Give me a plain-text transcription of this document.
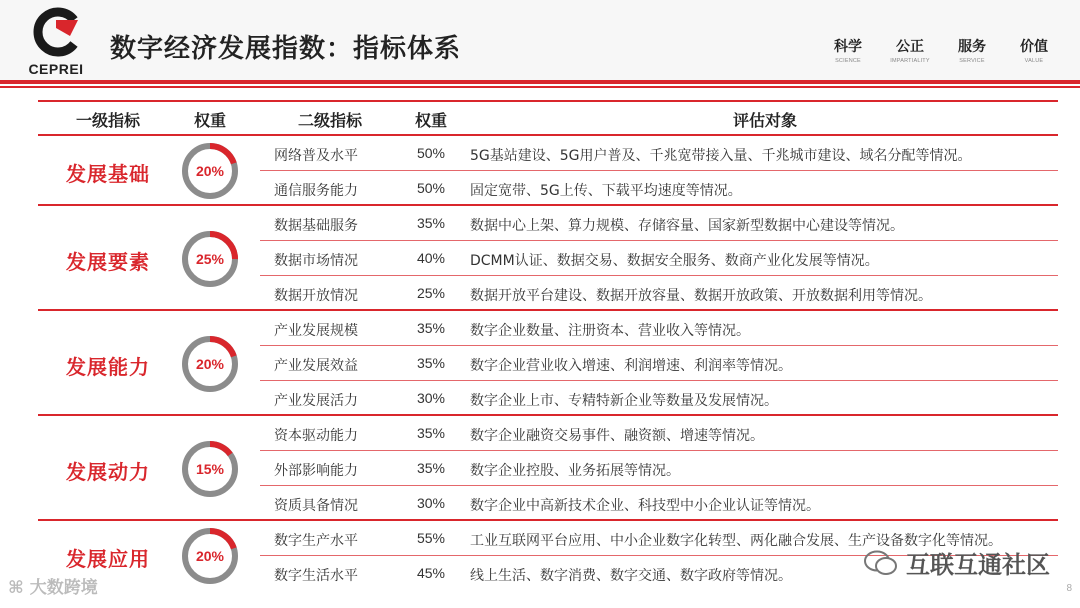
CEPREI
数字经济发展指数：指标体系	科学
SCIENCE
公正
IMPARTIALITY
服务
SERVICE
价值
VALUE
一级指标	权重	二级指标	权重	评估对象
发展基础	20%
网络普及水平	50%	5G基站建设、5G用户普及、千兆宽带接入量、千兆城市建设、域名分配等情况。
通信服务能力	50%	固定宽带、5G上传、下载平均速度等情况。
发展要素	25%
数据基础服务	35%	数据中心上架、算力规模、存储容量、国家新型数据中心建设等情况。
数据市场情况	40%	DCMM认证、数据交易、数据安全服务、数商产业化发展等情况。
数据开放情况	25%	数据开放平台建设、数据开放容量、数据开放政策、开放数据利用等情况。
发展能力	20%
产业发展规模	35%	数字企业数量、注册资本、营业收入等情况。
产业发展效益	35%	数字企业营业收入增速、利润增速、利润率等情况。
产业发展活力	30%	数字企业上市、专精特新企业等数量及发展情况。
发展动力	15%
资本驱动能力	35%	数字企业融资交易事件、融资额、增速等情况。
外部影响能力	35%	数字企业控股、业务拓展等情况。
资质具备情况	30%	数字企业中高新技术企业、科技型中小企业认证等情况。
发展应用	20%
数字生产水平	55%	工业互联网平台应用、中小企业数字化转型、两化融合发展、生产设备数字化等情况。
数字生活水平	45%	线上生活、数字消费、数字交通、数字政府等情况。
⌘ 大数跨境
互联互通社区
8
